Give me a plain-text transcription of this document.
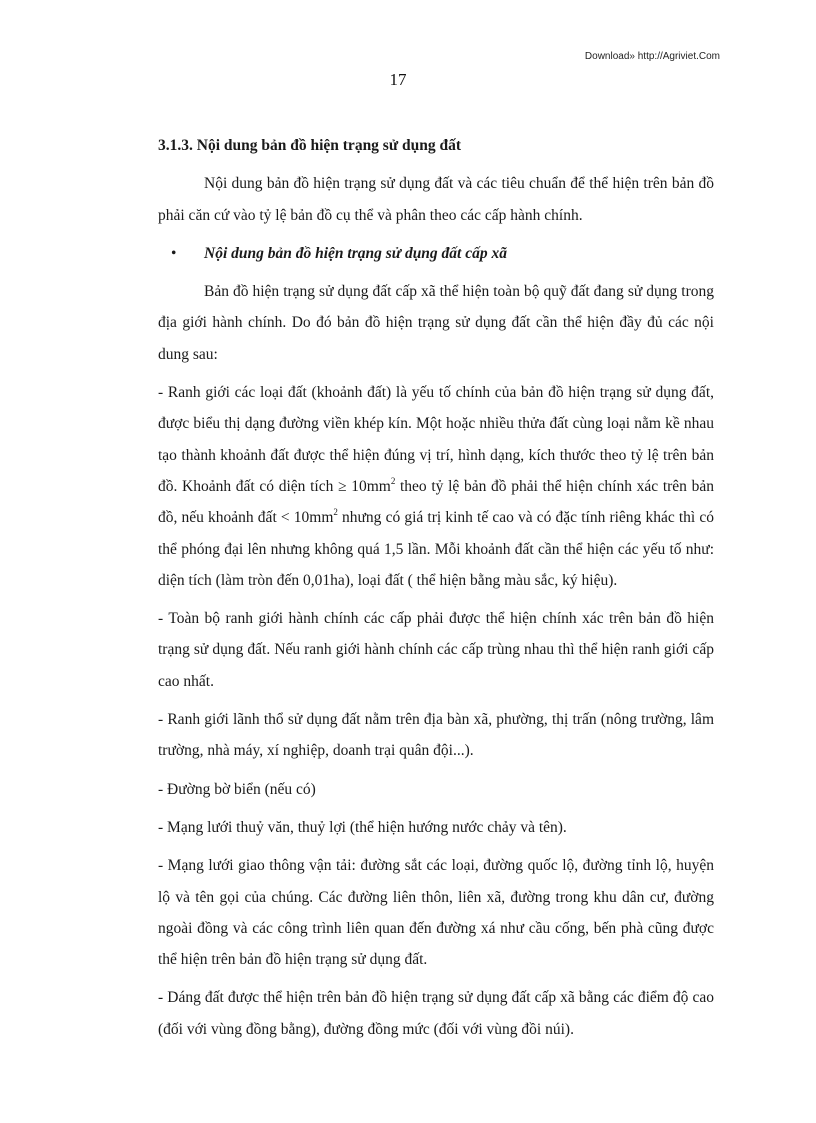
Download» http://Agriviet.Com
17

3.1.3. Nội dung bản đồ hiện trạng sử dụng đất

Nội dung bản đồ hiện trạng sử dụng đất và các tiêu chuẩn để thể hiện trên bản đồ phải căn cứ vào tỷ lệ bản đồ cụ thể và phân theo các cấp hành chính.

•	Nội dung bản đồ hiện trạng sử dụng đất cấp xã

Bản đồ hiện trạng sử dụng đất cấp xã thể hiện toàn bộ quỹ đất đang sử dụng trong địa giới hành chính. Do đó bản đồ hiện trạng sử dụng đất cần thể hiện đầy đủ các nội dung sau:

- Ranh giới các loại đất (khoảnh đất) là yếu tố chính của bản đồ hiện trạng sử dụng đất, được biểu thị dạng đường viền khép kín. Một hoặc nhiều thửa đất cùng loại nằm kề nhau tạo thành khoảnh đất được thể hiện đúng vị trí, hình dạng, kích thước theo tỷ lệ trên bản đồ. Khoảnh đất có diện tích ≥ $10mm^2$ theo tỷ lệ bản đồ phải thể hiện chính xác trên bản đồ, nếu khoảnh đất < $10mm^2$ nhưng có giá trị kinh tế cao và có đặc tính riêng khác thì có thể phóng đại lên nhưng không quá 1,5 lần. Mỗi khoảnh đất cần thể hiện các yếu tố như: diện tích (làm tròn đến 0,01ha), loại đất ( thể hiện bằng màu sắc, ký hiệu).

- Toàn bộ ranh giới hành chính các cấp phải được thể hiện chính xác trên bản đồ hiện trạng sử dụng đất. Nếu ranh giới hành chính các cấp trùng nhau thì thể hiện ranh giới cấp cao nhất.

- Ranh giới lãnh thổ sử dụng đất nằm trên địa bàn xã, phường, thị trấn (nông trường, lâm trường, nhà máy, xí nghiệp, doanh trại quân đội...).

- Đường bờ biển (nếu có)

- Mạng lưới thuỷ văn, thuỷ lợi (thể hiện hướng nước chảy và tên).

- Mạng lưới giao thông vận tải: đường sắt các loại, đường quốc lộ, đường tỉnh lộ, huyện lộ và tên gọi của chúng. Các đường liên thôn, liên xã, đường trong khu dân cư, đường ngoài đồng và các công trình liên quan đến đường xá như cầu cống, bến phà cũng được thể hiện trên bản đồ hiện trạng sử dụng đất.

- Dáng đất được thể hiện trên bản đồ hiện trạng sử dụng đất cấp xã bằng các điểm độ cao (đối với vùng đồng bằng), đường đồng mức (đối với vùng đồi núi).
